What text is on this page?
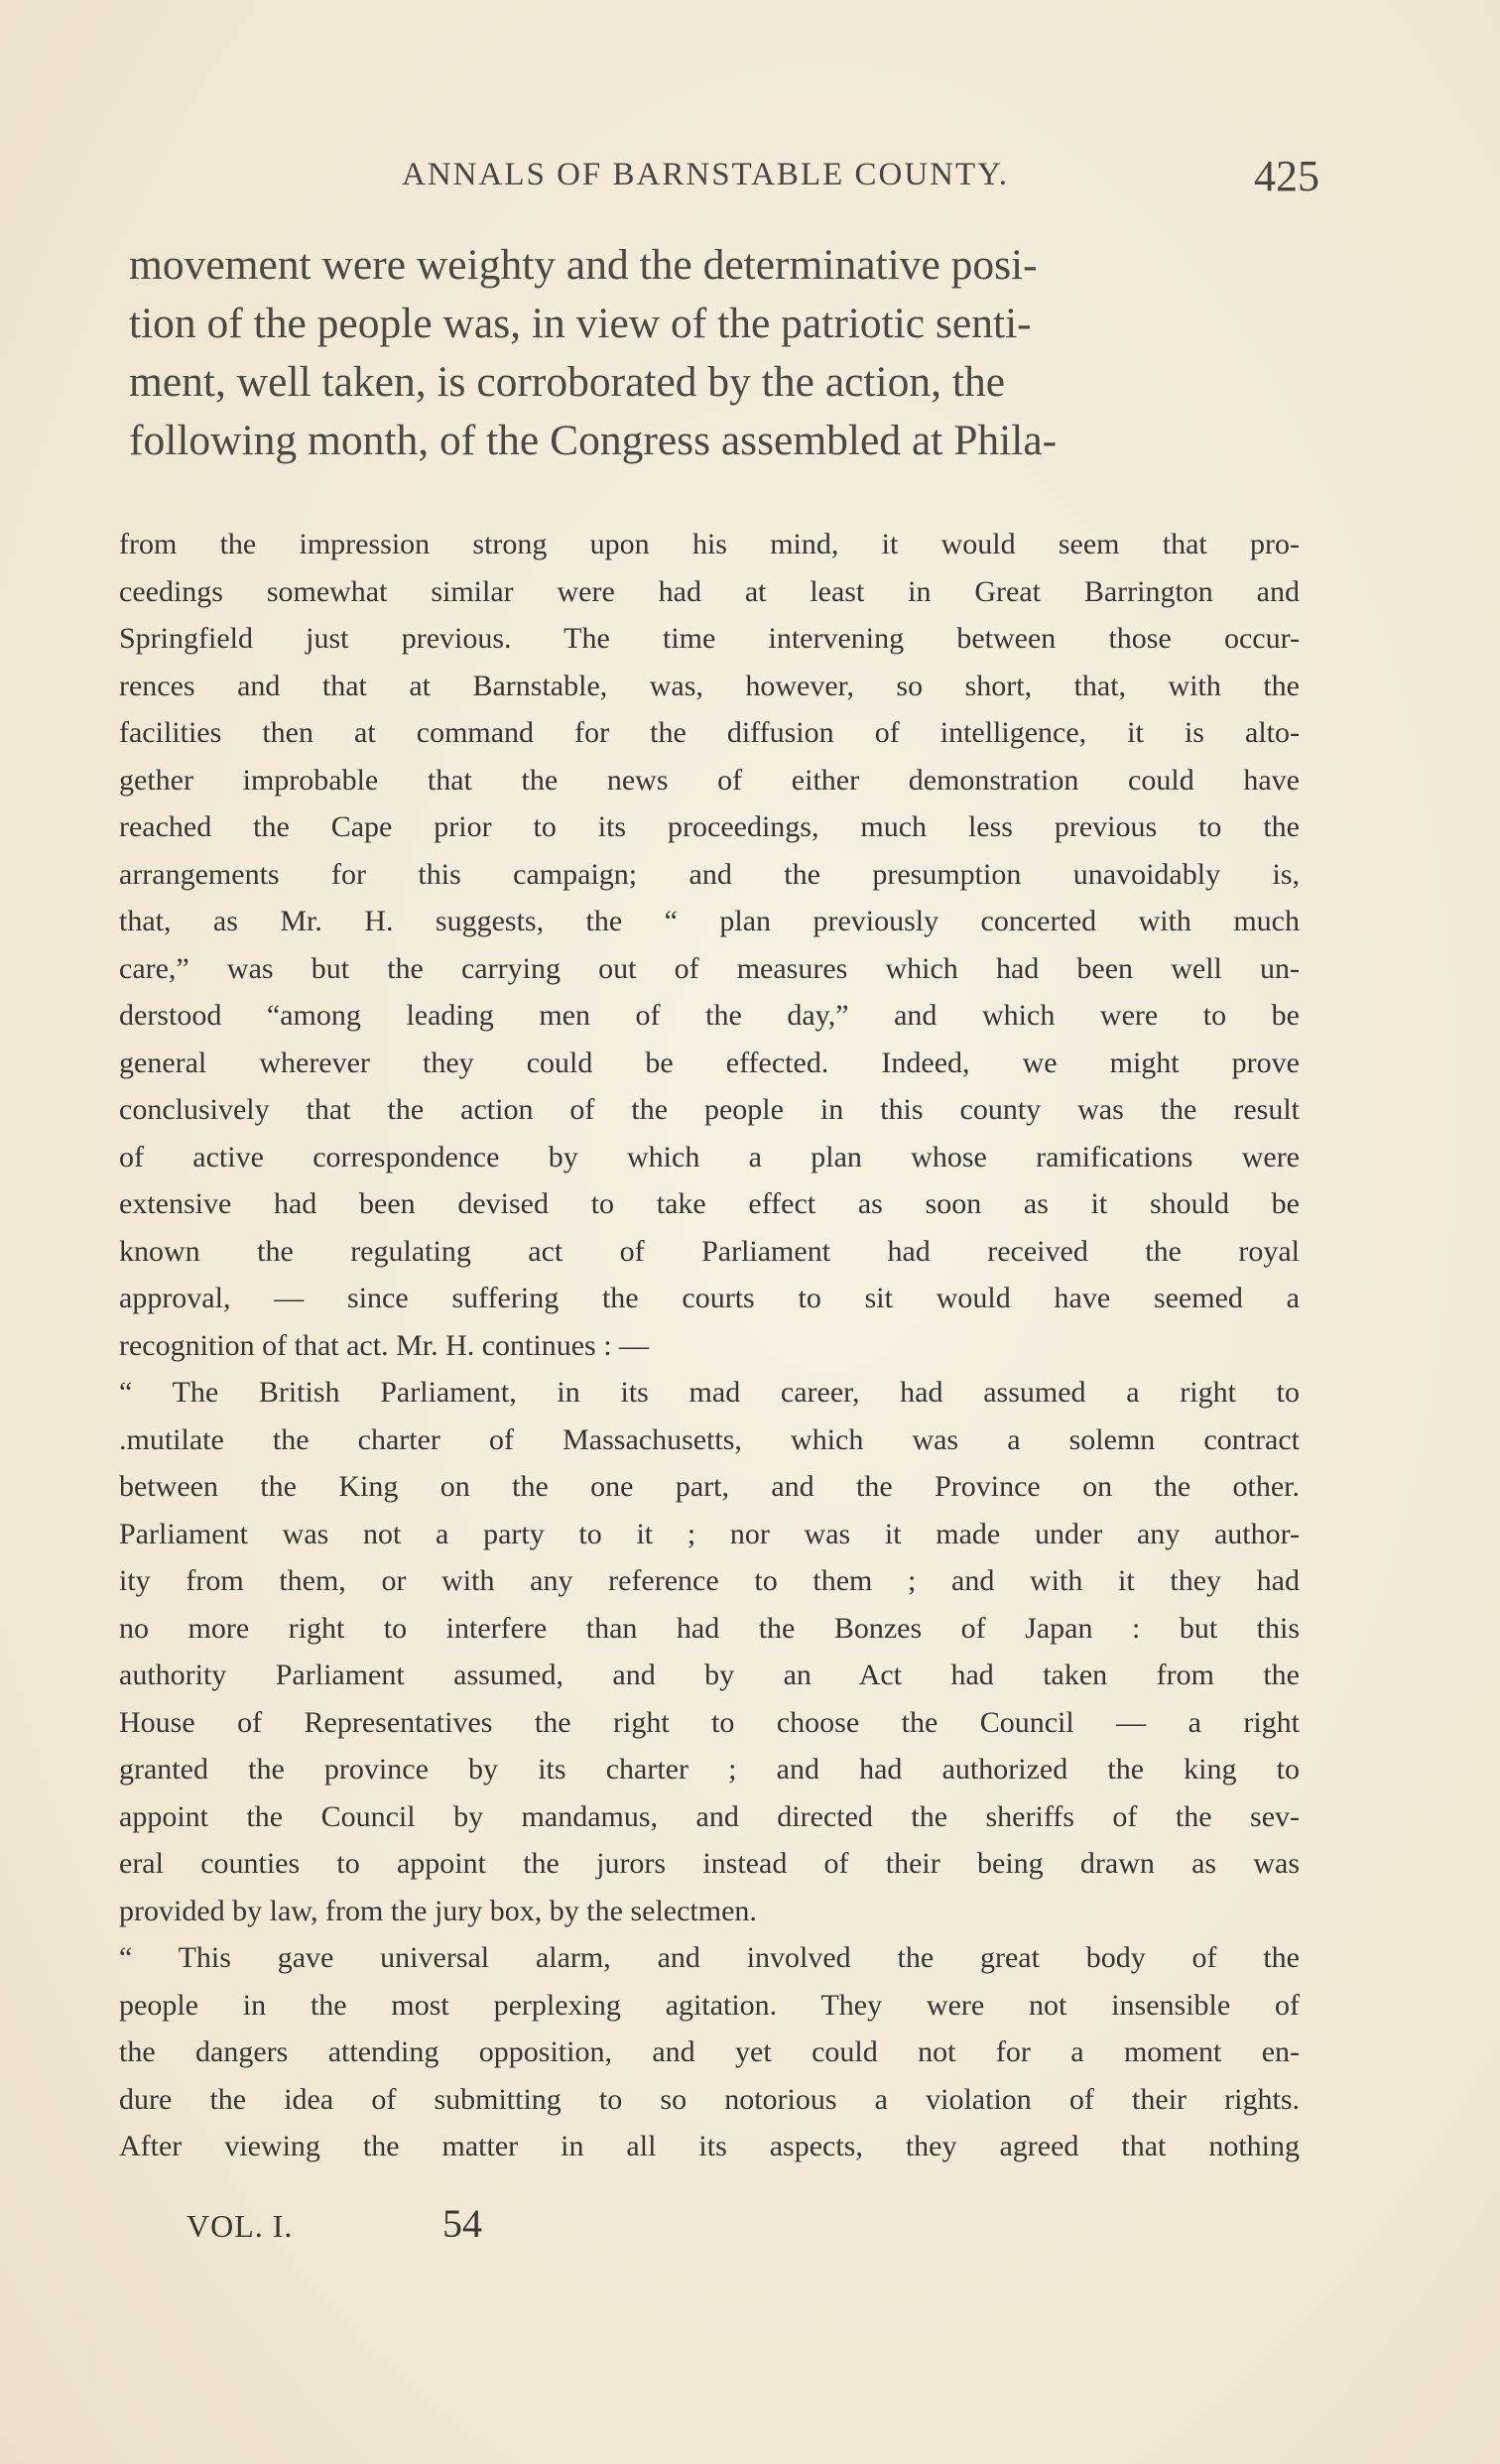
ANNALS OF BARNSTABLE COUNTY.	425
movement were weighty and the determinative posi-
tion of the people was, in view of the patriotic senti-
ment, well taken, is corroborated by the action, the
following month, of the Congress assembled at Phila-
from the impression strong upon his mind, it would seem that pro-
ceedings somewhat similar were had at least in Great Barrington and
Springfield just previous. The time intervening between those occur-
rences and that at Barnstable, was, however, so short, that, with the
facilities then at command for the diffusion of intelligence, it is alto-
gether improbable that the news of either demonstration could have
reached the Cape prior to its proceedings, much less previous to the
arrangements for this campaign; and the presumption unavoidably is,
that, as Mr. H. suggests, the “ plan previously concerted with much
care,” was but the carrying out of measures which had been well un-
derstood “among leading men of the day,” and which were to be
general wherever they could be effected. Indeed, we might prove
conclusively that the action of the people in this county was the result
of active correspondence by which a plan whose ramifications were
extensive had been devised to take effect as soon as it should be
known the regulating act of Parliament had received the royal
approval, — since suffering the courts to sit would have seemed a
recognition of that act. Mr. H. continues : —
“ The British Parliament, in its mad career, had assumed a right to
.mutilate the charter of Massachusetts, which was a solemn contract
between the King on the one part, and the Province on the other.
Parliament was not a party to it ; nor was it made under any author-
ity from them, or with any reference to them ; and with it they had
no more right to interfere than had the Bonzes of Japan : but this
authority Parliament assumed, and by an Act had taken from the
House of Representatives the right to choose the Council — a right
granted the province by its charter ; and had authorized the king to
appoint the Council by mandamus, and directed the sheriffs of the sev-
eral counties to appoint the jurors instead of their being drawn as was
provided by law, from the jury box, by the selectmen.
“ This gave universal alarm, and involved the great body of the
people in the most perplexing agitation. They were not insensible of
the dangers attending opposition, and yet could not for a moment en-
dure the idea of submitting to so notorious a violation of their rights.
After viewing the matter in all its aspects, they agreed that nothing
VOL. I.	54
